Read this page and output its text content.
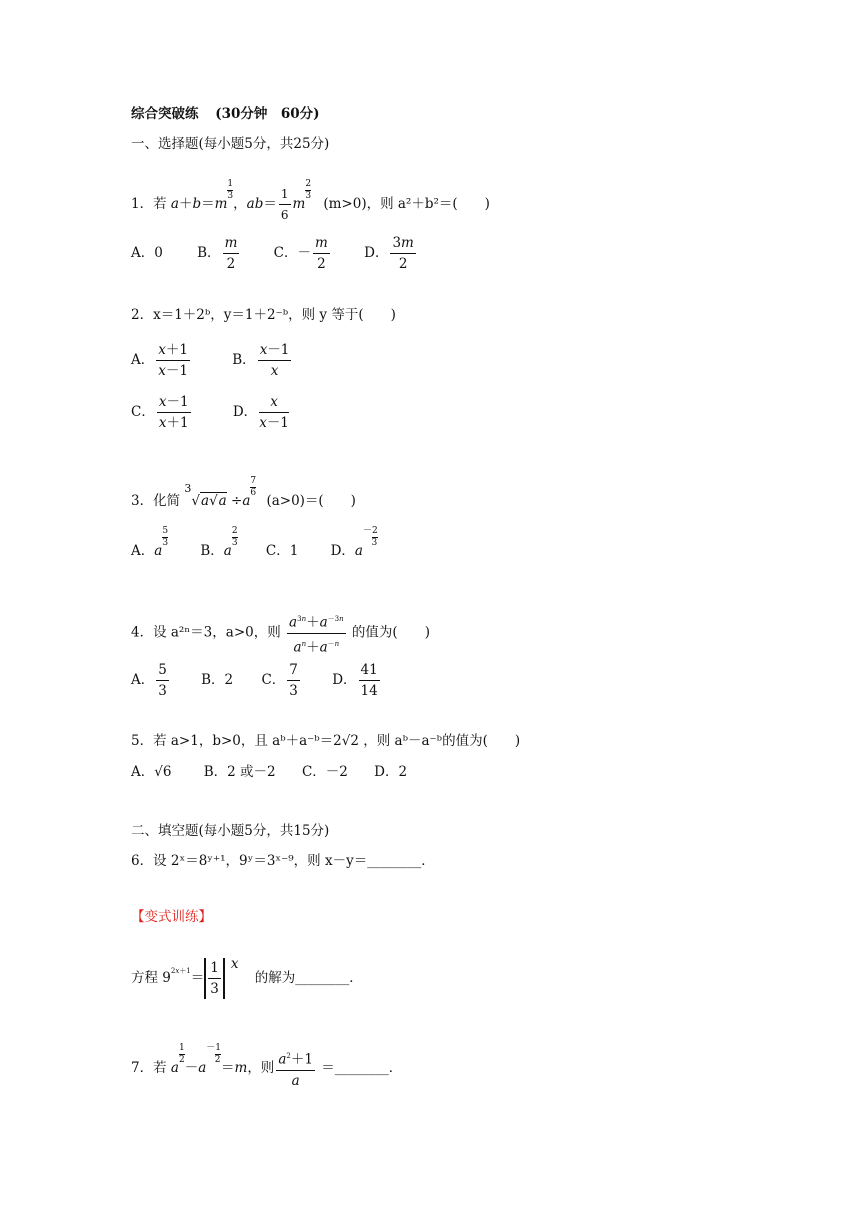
综合突破练 (30分钟　60分)
一、选择题(每小题5分，共25分)
1．若 a＋b＝m
$\frac{1}{3}$
，$ab= \frac{1}{6}$ m
$\frac{2}{3}$
(m>0)，则 a²＋b²＝(　　)
A．0	B． $\frac{m}{2}$	C．－ $\frac{m}{2}$	D． $\frac{3m}{2}$
2．x＝1＋2ᵇ，y＝1＋2⁻ᵇ，则 y 等于(　　)
A． $\frac{x+1}{x-1}$	B． $\frac{x-1}{x}$
C． $\frac{x-1}{x+1}$	D． $\frac{x}{x-1}$
3．化简 $^3$√a√a ÷a
$\frac{7}{6}$
(a>0)＝(　　)
A．a
$\frac{5}{3}$
B．a
$\frac{2}{3}$
C．1 D．a－2
3
4．设 a²ⁿ＝3，a>0，则 $\frac{a^{3n}+a^{-3n}}{a^n+a^{-n}}$ 的值为(　　)
A． $\frac{5}{3}$ B．2 C． $\frac{7}{3}$ D． $\frac{41}{14}$
5．若 a>1，b>0，且 aᵇ＋a⁻ᵇ＝2√2 ，则 aᵇ－a⁻ᵇ的值为(　　)
A．√6 B．2 或－2 C．－2 D．2
二、填空题(每小题5分，共15分)
6．设 2ˣ＝8ʸ⁺¹，9ʸ＝3ˣ⁻⁹，则 x－y＝________．
【变式训练】
方程 $9^{2x+1}= \frac{1}{3}$ x 的解为________．
7．若 a
$\frac{1}{2}$
－a－1
2 ＝m，则 $\frac{a^2+1}{a}$ ＝________．
